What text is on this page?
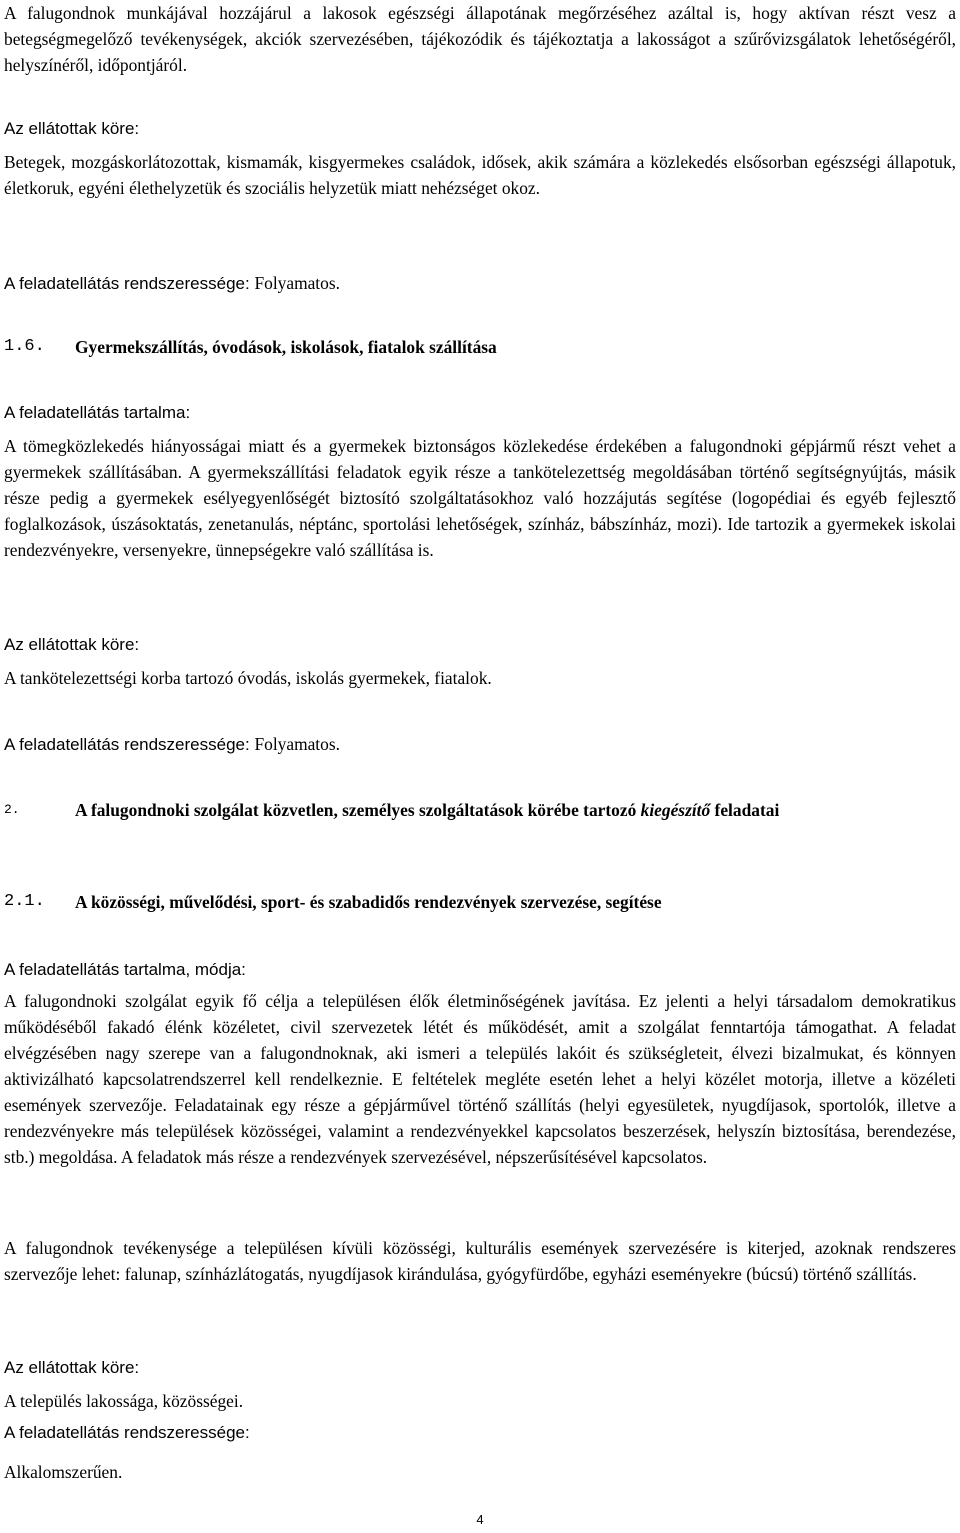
A falugondnok munkájával hozzájárul a lakosok egészségi állapotának megőrzéséhez azáltal is, hogy aktívan részt vesz a betegségmegelőző tevékenységek, akciók szervezésében, tájékozódik és tájékoztatja a lakosságot a szűrővizsgálatok lehetőségéről, helyszínéről, időpontjáról.

Az ellátottak köre:

Betegek, mozgáskorlátozottak, kismamák, kisgyermekes családok, idősek, akik számára a közlekedés elsősorban egészségi állapotuk, életkoruk, egyéni élethelyzetük és szociális helyzetük miatt nehézséget okoz.

A feladatellátás rendszeressége: Folyamatos.

1.6.	Gyermekszállítás, óvodások, iskolások, fiatalok szállítása

A feladatellátás tartalma:

A tömegközlekedés hiányosságai miatt és a gyermekek biztonságos közlekedése érdekében a falugondnoki gépjármű részt vehet a gyermekek szállításában. A gyermekszállítási feladatok egyik része a tankötelezettség megoldásában történő segítségnyújtás, másik része pedig a gyermekek esélyegyenlőségét biztosító szolgáltatásokhoz való hozzájutás segítése (logopédiai és egyéb fejlesztő foglalkozások, úszásoktatás, zenetanulás, néptánc, sportolási lehetőségek, színház, bábszínház, mozi). Ide tartozik a gyermekek iskolai rendezvényekre, versenyekre, ünnepségekre való szállítása is.

Az ellátottak köre:

A tankötelezettségi korba tartozó óvodás, iskolás gyermekek, fiatalok.

A feladatellátás rendszeressége: Folyamatos.

2.	A falugondnoki szolgálat közvetlen, személyes szolgáltatások körébe tartozó kiegészítő feladatai
2.1.	A közösségi, művelődési, sport- és szabadidős rendezvények szervezése, segítése

A feladatellátás tartalma, módja:

A falugondnoki szolgálat egyik fő célja a településen élők életminőségének javítása. Ez jelenti a helyi társadalom demokratikus működéséből fakadó élénk közéletet, civil szervezetek létét és működését, amit a szolgálat fenntartója támogathat. A feladat elvégzésében nagy szerepe van a falugondnoknak, aki ismeri a település lakóit és szükségleteit, élvezi bizalmukat, és könnyen aktivizálható kapcsolatrendszerrel kell rendelkeznie. E feltételek megléte esetén lehet a helyi közélet motorja, illetve a közéleti események szervezője. Feladatainak egy része a gépjárművel történő szállítás (helyi egyesületek, nyugdíjasok, sportolók, illetve a rendezvényekre más települések közösségei, valamint a rendezvényekkel kapcsolatos beszerzések, helyszín biztosítása, berendezése, stb.) megoldása. A feladatok más része a rendezvények szervezésével, népszerűsítésével kapcsolatos.

A falugondnok tevékenysége a településen kívüli közösségi, kulturális események szervezésére is kiterjed, azoknak rendszeres szervezője lehet: falunap, színházlátogatás, nyugdíjasok kirándulása, gyógyfürdőbe, egyházi eseményekre (búcsú) történő szállítás.

Az ellátottak köre:

A település lakossága, közösségei.

A feladatellátás rendszeressége:

Alkalomszerűen.

4
